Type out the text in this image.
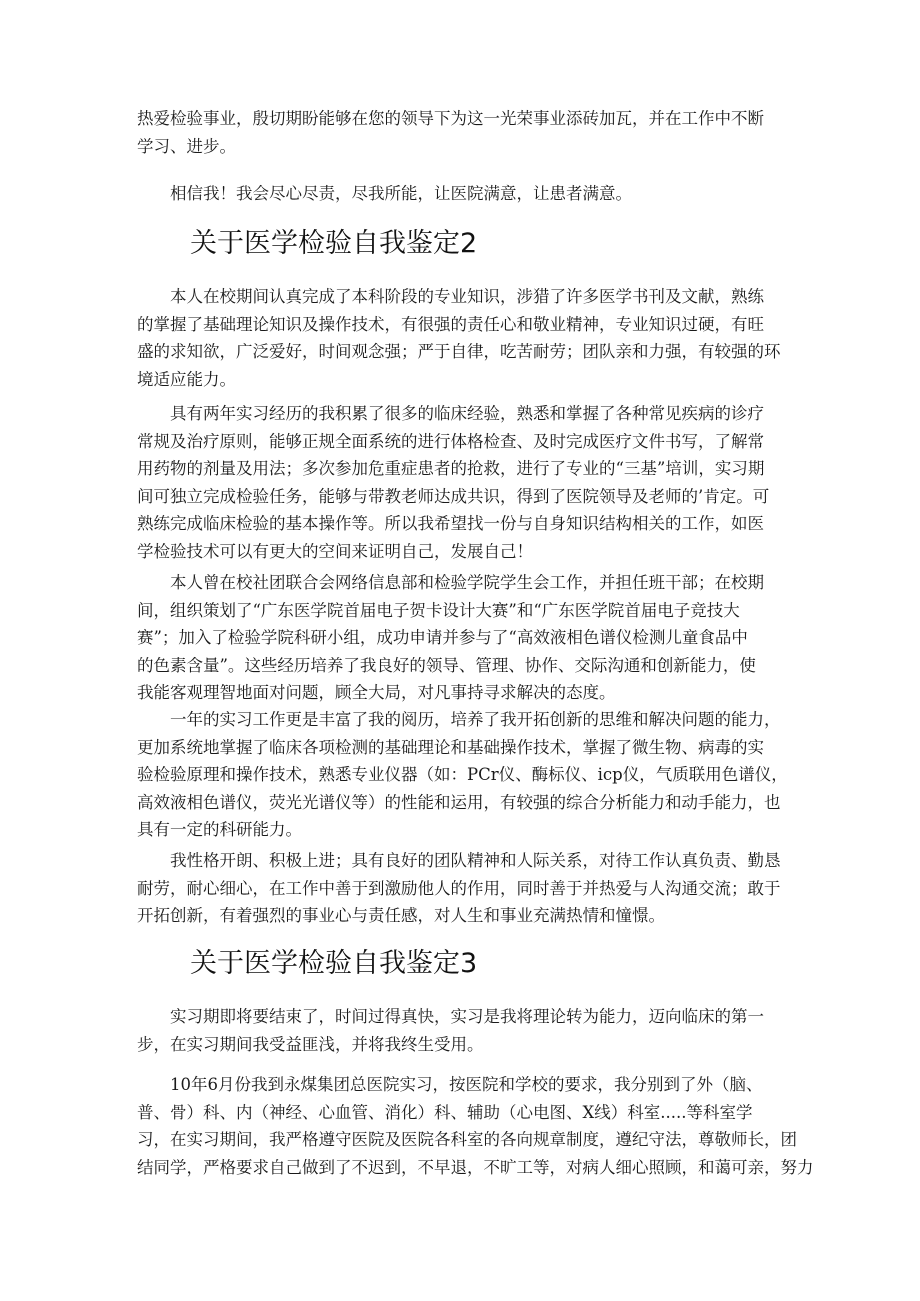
热爱检验事业，殷切期盼能够在您的领导下为这一光荣事业添砖加瓦，并在工作中不断
学习、进步。
　　相信我！我会尽心尽责，尽我所能，让医院满意，让患者满意。
关于医学检验自我鉴定2
　　本人在校期间认真完成了本科阶段的专业知识，涉猎了许多医学书刊及文献，熟练
的掌握了基础理论知识及操作技术，有很强的责任心和敬业精神，专业知识过硬，有旺
盛的求知欲，广泛爱好，时间观念强；严于自律，吃苦耐劳；团队亲和力强，有较强的环
境适应能力。
　　具有两年实习经历的我积累了很多的临床经验，熟悉和掌握了各种常见疾病的诊疗
常规及治疗原则，能够正规全面系统的进行体格检查、及时完成医疗文件书写，了解常
用药物的剂量及用法；多次参加危重症患者的抢救，进行了专业的“三基”培训，实习期
间可独立完成检验任务，能够与带教老师达成共识，得到了医院领导及老师的’肯定。可
熟练完成临床检验的基本操作等。所以我希望找一份与自身知识结构相关的工作，如医
学检验技术可以有更大的空间来证明自己，发展自己！
　　本人曾在校社团联合会网络信息部和检验学院学生会工作，并担任班干部；在校期
间，组织策划了“广东医学院首届电子贺卡设计大赛”和“广东医学院首届电子竞技大
赛”；加入了检验学院科研小组，成功申请并参与了“高效液相色谱仪检测儿童食品中
的色素含量”。这些经历培养了我良好的领导、管理、协作、交际沟通和创新能力，使
我能客观理智地面对问题，顾全大局，对凡事持寻求解决的态度。
　　一年的实习工作更是丰富了我的阅历，培养了我开拓创新的思维和解决问题的能力，
更加系统地掌握了临床各项检测的基础理论和基础操作技术，掌握了微生物、病毒的实
验检验原理和操作技术，熟悉专业仪器（如：PCr仪、酶标仪、icp仪，气质联用色谱仪，
高效液相色谱仪，荧光光谱仪等）的性能和运用，有较强的综合分析能力和动手能力，也
具有一定的科研能力。
　　我性格开朗、积极上进；具有良好的团队精神和人际关系，对待工作认真负责、勤恳
耐劳，耐心细心，在工作中善于到激励他人的作用，同时善于并热爱与人沟通交流；敢于
开拓创新，有着强烈的事业心与责任感，对人生和事业充满热情和憧憬。
关于医学检验自我鉴定3
　　实习期即将要结束了，时间过得真快，实习是我将理论转为能力，迈向临床的第一
步，在实习期间我受益匪浅，并将我终生受用。
　　10年6月份我到永煤集团总医院实习，按医院和学校的要求，我分别到了外（脑、
普、骨）科、内（神经、心血管、消化）科、辅助（心电图、X线）科室.....等科室学
习，在实习期间，我严格遵守医院及医院各科室的各向规章制度，遵纪守法，尊敬师长，团
结同学，严格要求自己做到了不迟到，不早退，不旷工等，对病人细心照顾，和蔼可亲，努力
